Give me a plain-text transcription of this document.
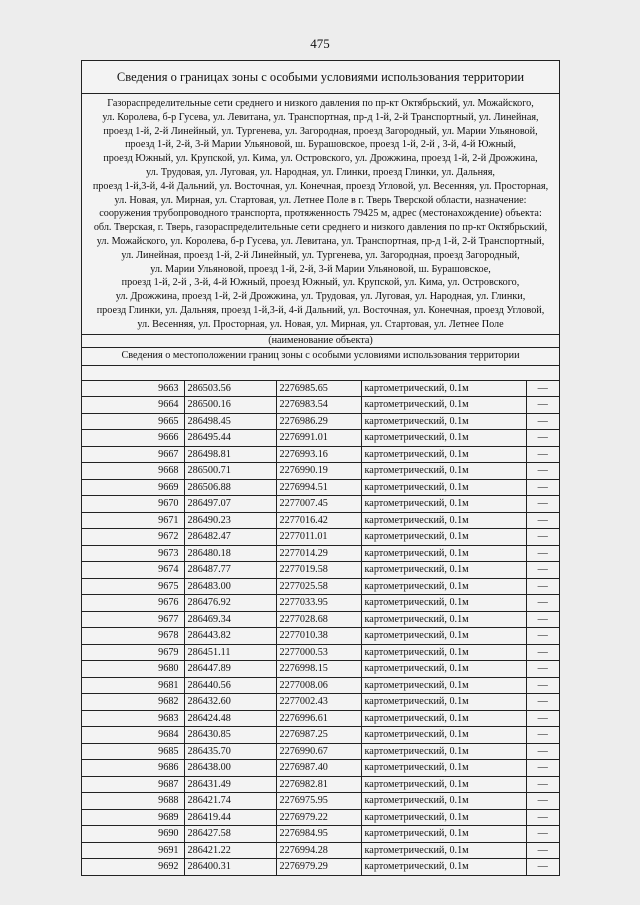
475
Сведения о границах зоны с особыми условиями использования территории
Газораспределительные сети среднего и низкого давления по пр-кт Октябрьский, ул. Можайского,
ул. Королева, б-р Гусева, ул. Левитана, ул. Транспортная, пр-д 1-й, 2-й Транспортный, ул. Линейная,
проезд 1-й, 2-й Линейный, ул. Тургенева, ул. Загородная, проезд Загородный, ул. Марии Ульяновой,
проезд 1-й, 2-й, 3-й Марии Ульяновой, ш. Бурашовское, проезд 1-й, 2-й , 3-й, 4-й Южный,
проезд Южный, ул. Крупской, ул. Кима, ул. Островского, ул. Дрожжина, проезд 1-й, 2-й Дрожжина,
ул. Трудовая, ул. Луговая, ул. Народная, ул. Глинки, проезд Глинки, ул. Дальняя,
проезд 1-й,3-й, 4-й Дальний, ул. Восточная, ул. Конечная, проезд Угловой, ул. Весенняя, ул. Просторная,
ул. Новая, ул. Мирная, ул. Стартовая, ул. Летнее Поле в г. Тверь Тверской области, назначение:
сооружения трубопроводного транспорта, протяженность 79425 м, адрес (местонахождение) объекта:
обл. Тверская, г. Тверь, газораспределительные сети среднего и низкого давления по пр-кт Октябрьский,
ул. Можайского, ул. Королева, б-р Гусева, ул. Левитана, ул. Транспортная, пр-д 1-й, 2-й Транспортный,
ул. Линейная, проезд 1-й, 2-й Линейный, ул. Тургенева, ул. Загородная, проезд Загородный,
ул. Марии Ульяновой, проезд 1-й, 2-й, 3-й Марии Ульяновой, ш. Бурашовское,
проезд 1-й, 2-й , 3-й, 4-й Южный, проезд Южный, ул. Крупской, ул. Кима, ул. Островского,
ул. Дрожжина, проезд 1-й, 2-й Дрожжина, ул. Трудовая, ул. Луговая, ул. Народная, ул. Глинки,
проезд Глинки, ул. Дальняя, проезд 1-й,3-й, 4-й Дальний, ул. Восточная, ул. Конечная, проезд Угловой,
ул. Весенняя, ул. Просторная, ул. Новая, ул. Мирная, ул. Стартовая, ул. Летнее Поле
(наименование объекта)
Сведения о местоположении границ зоны с особыми условиями использования территории
9663	286503.56	2276985.65	картометрический, 0.1м	—
9664	286500.16	2276983.54	картометрический, 0.1м	—
9665	286498.45	2276986.29	картометрический, 0.1м	—
9666	286495.44	2276991.01	картометрический, 0.1м	—
9667	286498.81	2276993.16	картометрический, 0.1м	—
9668	286500.71	2276990.19	картометрический, 0.1м	—
9669	286506.88	2276994.51	картометрический, 0.1м	—
9670	286497.07	2277007.45	картометрический, 0.1м	—
9671	286490.23	2277016.42	картометрический, 0.1м	—
9672	286482.47	2277011.01	картометрический, 0.1м	—
9673	286480.18	2277014.29	картометрический, 0.1м	—
9674	286487.77	2277019.58	картометрический, 0.1м	—
9675	286483.00	2277025.58	картометрический, 0.1м	—
9676	286476.92	2277033.95	картометрический, 0.1м	—
9677	286469.34	2277028.68	картометрический, 0.1м	—
9678	286443.82	2277010.38	картометрический, 0.1м	—
9679	286451.11	2277000.53	картометрический, 0.1м	—
9680	286447.89	2276998.15	картометрический, 0.1м	—
9681	286440.56	2277008.06	картометрический, 0.1м	—
9682	286432.60	2277002.43	картометрический, 0.1м	—
9683	286424.48	2276996.61	картометрический, 0.1м	—
9684	286430.85	2276987.25	картометрический, 0.1м	—
9685	286435.70	2276990.67	картометрический, 0.1м	—
9686	286438.00	2276987.40	картометрический, 0.1м	—
9687	286431.49	2276982.81	картометрический, 0.1м	—
9688	286421.74	2276975.95	картометрический, 0.1м	—
9689	286419.44	2276979.22	картометрический, 0.1м	—
9690	286427.58	2276984.95	картометрический, 0.1м	—
9691	286421.22	2276994.28	картометрический, 0.1м	—
9692	286400.31	2276979.29	картометрический, 0.1м	—
